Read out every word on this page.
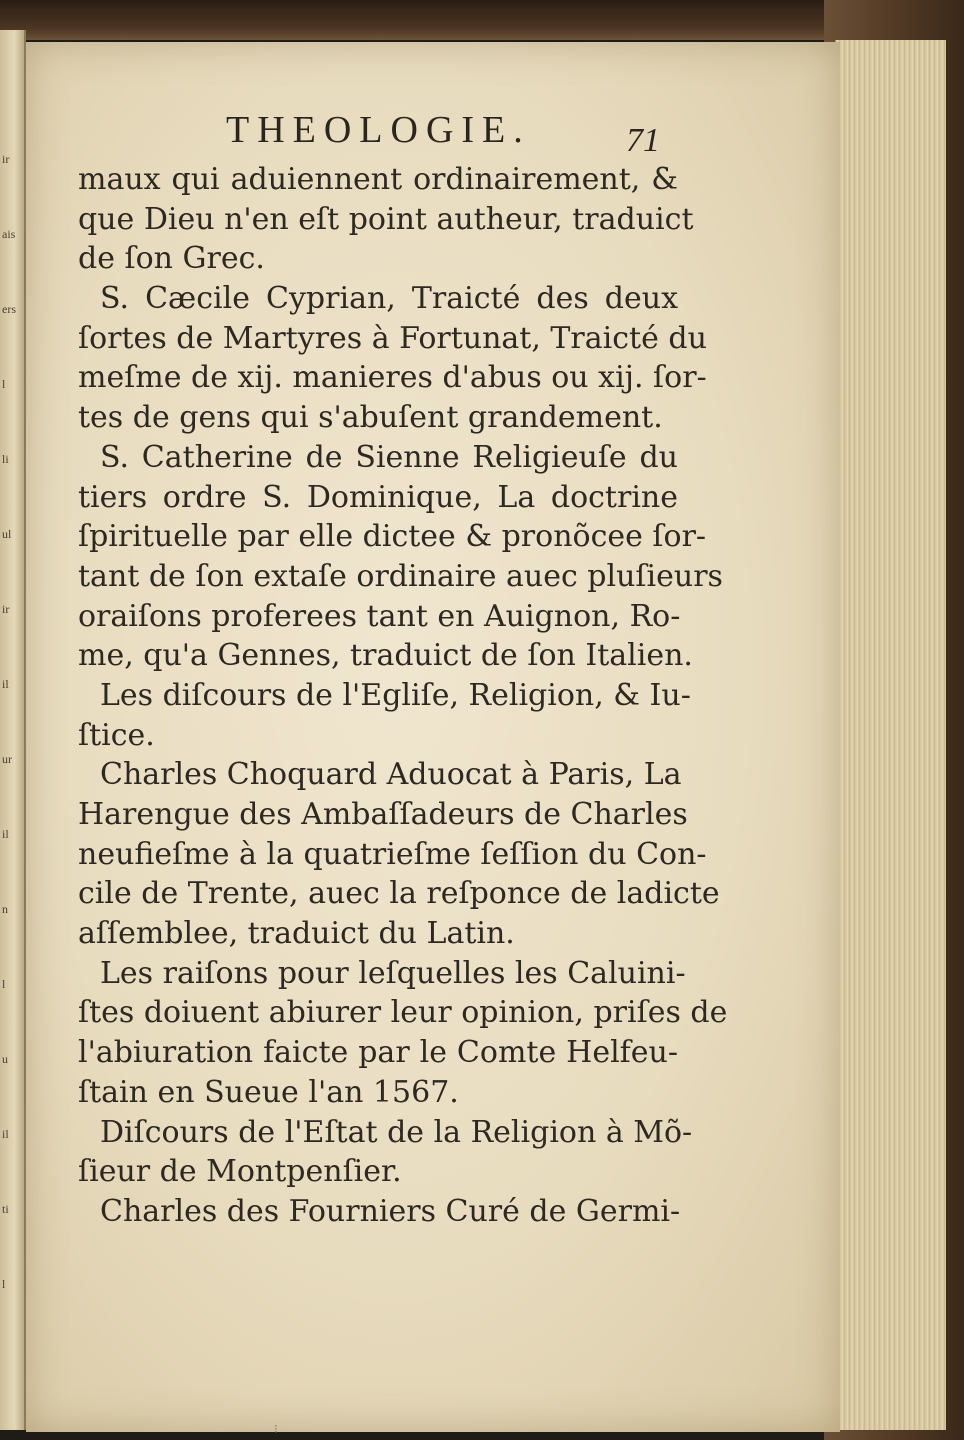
ir
ais
ers
l
li
ul
ir
il
ur
il
n
l
u
il
ti
l
THEOLOGIE.	71
maux qui aduiennent ordinairement, &
que Dieu n'en eſt point autheur, traduict
de ſon Grec.
S. Cæcile Cyprian, Traicté des deux
ſortes de Martyres à Fortunat, Traicté du
meſme de xij. manieres d'abus ou xij. ſor-
tes de gens qui s'abuſent grandement.
S. Catherine de Sienne Religieuſe du
tiers ordre S. Dominique, La doctrine
ſpirituelle par elle dictee & pronõcee ſor-
tant de ſon extaſe ordinaire auec pluſieurs
oraiſons proferees tant en Auignon, Ro-
me, qu'a Gennes, traduict de ſon Italien.
Les diſcours de l'Egliſe, Religion, & Iu-
ſtice.
Charles Choquard Aduocat à Paris, La
Harengue des Ambaſſadeurs de Charles
neufieſme à la quatrieſme ſeſſion du Con-
cile de Trente, auec la reſponce de ladicte
aſſemblee, traduict du Latin.
Les raiſons pour leſquelles les Caluini-
ſtes doiuent abiurer leur opinion, priſes de
l'abiuration faicte par le Comte Helfeu-
ſtain en Sueue l'an 1567.
Diſcours de l'Eſtat de la Religion à Mõ-
ſieur de Montpenſier.
Charles des Fourniers Curé de Germi-
⁝
